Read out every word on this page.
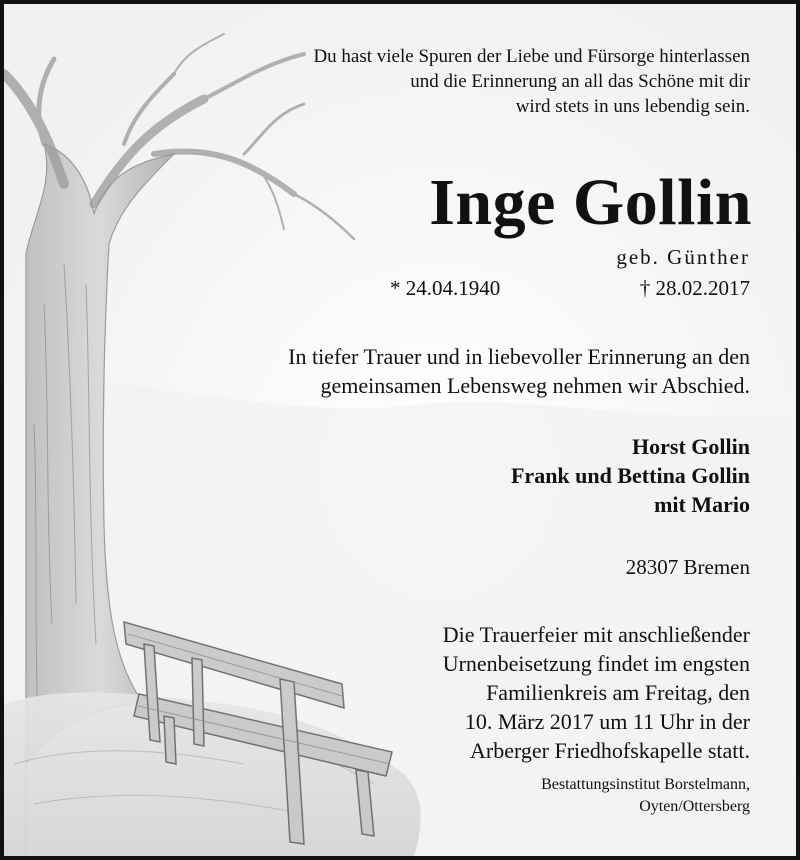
Du hast viele Spuren der Liebe und Fürsorge hinterlassen
und die Erinnerung an all das Schöne mit dir
wird stets in uns lebendig sein.
Inge Gollin
geb. Günther
* 24.04.1940	† 28.02.2017
In tiefer Trauer und in liebevoller Erinnerung an den
gemeinsamen Lebensweg nehmen wir Abschied.
Horst Gollin
Frank und Bettina Gollin
mit Mario
28307 Bremen
Die Trauerfeier mit anschließender
Urnenbeisetzung findet im engsten
Familienkreis am Freitag, den
10. März 2017 um 11 Uhr in der
Arberger Friedhofskapelle statt.
Bestattungsinstitut Borstelmann,
Oyten/Ottersberg
